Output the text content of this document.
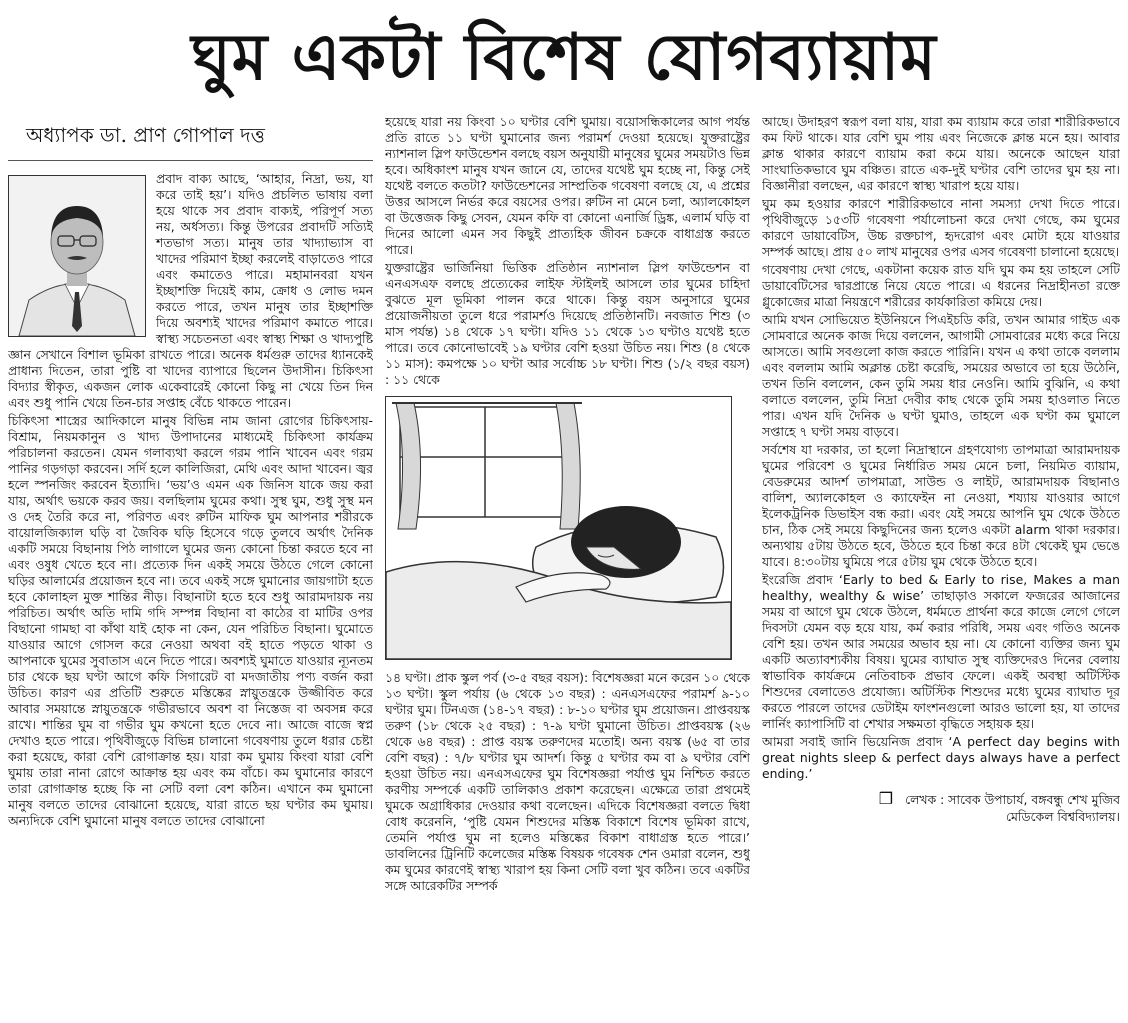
ঘুম একটা বিশেষ যোগব্যায়াম
অধ্যাপক ডা. প্রাণ গোপাল দত্ত

প্রবাদ বাক্য আছে, ‘আহার, নিদ্রা, ভয়, যা করে তাই হয়’। যদিও প্রচলিত ভাষায় বলা হয়ে থাকে সব প্রবাদ বাক্যই, পরিপূর্ণ সত্য নয়, অর্ধসত্য। কিন্তু উপরের প্রবাদটি সত্যিই শতভাগ সত্য। মানুষ তার খাদ্যাভ্যাস বা খাদের পরিমাণ ইচ্ছা করলেই বাড়াতেও পারে এবং কমাতেও পারে। মহামানবরা যখন ইচ্ছাশক্তি দিয়েই কাম, ক্রোধ ও লোভ দমন করতে পারে, তখন মানুষ তার ইচ্ছাশক্তি দিয়ে অবশ্যই খাদের পরিমাণ কমাতে পারে। স্বাস্থ্য সচেতনতা এবং স্বাস্থ্য শিক্ষা ও খাদ্যপুষ্টি জ্ঞান সেখানে বিশাল ভূমিকা রাখতে পারে। অনেক ধর্মগুরু তাদের ধ্যানকেই প্রাধান্য দিতেন, তারা পুষ্টি বা খাদের ব্যাপারে ছিলেন উদাসীন। চিকিৎসা বিদ্যার স্বীকৃত, একজন লোক একেবারেই কোনো কিছু না খেয়ে তিন দিন এবং শুধু পানি খেয়ে তিন-চার সপ্তাহ বেঁচে থাকতে পারেন।

চিকিৎসা শাস্ত্রের আদিকালে মানুষ বিভিন্ন নাম জানা রোগের চিকিৎসায়-বিশ্রাম, নিয়মকানুন ও খাদ্য উপাদানের মাধ্যমেই চিকিৎসা কার্যক্রম পরিচালনা করতেন। যেমন গলাব্যথা করলে গরম পানি খাবেন এবং গরম পানির গড়গড়া করবেন। সর্দি হলে কালিজিরা, মেথি এবং আদা খাবেন। জ্বর হলে স্পনজিং করবেন ইত্যাদি। ‘ভয়’ও এমন এক জিনিস যাকে জয় করা যায়, অর্থাৎ ভয়কে করব জয়। বলছিলাম ঘুমের কথা। সুস্থ ঘুম, শুধু সুস্থ মন ও দেহ তৈরি করে না, পরিণত এবং রুটিন মাফিক ঘুম আপনার শরীরকে বায়োলজিক্যাল ঘড়ি বা জৈবিক ঘড়ি হিসেবে গড়ে তুলবে অর্থাৎ দৈনিক একটি সময়ে বিছানায় পিঠ লাগালে ঘুমের জন্য কোনো চিন্তা করতে হবে না এবং ওষুধ খেতে হবে না। প্রত্যেক দিন একই সময়ে উঠতে গেলে কোনো ঘড়ির আলার্মের প্রয়োজন হবে না। তবে একই সঙ্গে ঘুমানোর জায়গাটা হতে হবে কোলাহল মুক্ত শান্তির নীড়। বিছানাটা হতে হবে শুধু আরামদায়ক নয় পরিচিত। অর্থাৎ অতি দামি গদি সম্পন্ন বিছানা বা কাঠের বা মাটির ওপর বিছানো গামছা বা কাঁথা যাই হোক না কেন, যেন পরিচিত বিছানা। ঘুমোতে যাওয়ার আগে গোসল করে নেওয়া অথবা বই হাতে পড়তে থাকা ও আপনাকে ঘুমের সুবাতাস এনে দিতে পারে। অবশ্যই ঘুমাতে যাওয়ার ন্যূনতম চার থেকে ছয় ঘণ্টা আগে কফি সিগারেট বা মদজাতীয় পণ্য বর্জন করা উচিত। কারণ এর প্রতিটি শুরুতে মস্তিষ্কের স্নায়ুতন্ত্রকে উজ্জীবিত করে আবার সময়ান্তে স্নায়ুতন্ত্রকে গভীরভাবে অবশ বা নিস্তেজ বা অবসন্ন করে রাখে। শান্তির ঘুম বা গভীর ঘুম কখনো হতে দেবে না। আজে বাজে স্বপ্ন দেখাও হতে পারে। পৃথিবীজুড়ে বিভিন্ন চালানো গবেষণায় তুলে ধরার চেষ্টা করা হয়েছে, কারা বেশি রোগাক্রান্ত হয়। যারা কম ঘুমায় কিংবা যারা বেশি ঘুমায় তারা নানা রোগে আক্রান্ত হয় এবং কম বাঁচে। কম ঘুমানোর কারণে তারা রোগাক্রান্ত হচ্ছে কি না সেটি বলা বেশ কঠিন। এখানে কম ঘুমানো মানুষ বলতে তাদের বোঝানো হয়েছে, যারা রাতে ছয় ঘণ্টার কম ঘুমায়। অন্যদিকে বেশি ঘুমানো মানুষ বলতে তাদের বোঝানো

হয়েছে যারা নয় কিংবা ১০ ঘণ্টার বেশি ঘুমায়। বয়োসন্ধিকালের আগ পর্যন্ত প্রতি রাতে ১১ ঘণ্টা ঘুমানোর জন্য পরামর্শ দেওয়া হয়েছে। যুক্তরাষ্ট্রের ন্যাশনাল স্লিপ ফাউন্ডেশন বলছে বয়স অনুযায়ী মানুষের ঘুমের সময়টাও ভিন্ন হবে। অধিকাংশ মানুষ যখন জানে যে, তাদের যথেষ্ট ঘুম হচ্ছে না, কিন্তু সেই যথেষ্ট বলতে কতটা? ফাউন্ডেশনের সাম্প্রতিক গবেষণা বলছে যে, এ প্রশ্নের উত্তর আসলে নির্ভর করে বয়সের ওপর। রুটিন না মেনে চলা, অ্যালকোহল বা উত্তেজক কিছু সেবন, যেমন কফি বা কোনো এনার্জি ড্রিঙ্ক, এলার্ম ঘড়ি বা দিনের আলো এমন সব কিছুই প্রাত্যহিক জীবন চক্রকে বাধাগ্রস্ত করতে পারে।

যুক্তরাষ্ট্রের ভার্জিনিয়া ভিত্তিক প্রতিষ্ঠান ন্যাশনাল স্লিপ ফাউন্ডেশন বা এনএসএফ বলছে প্রত্যেকের লাইফ স্টাইলই আসলে তার ঘুমের চাহিদা বুঝতে মূল ভূমিকা পালন করে থাকে। কিন্তু বয়স অনুসারে ঘুমের প্রয়োজনীয়তা তুলে ধরে পরামর্শও দিয়েছে প্রতিষ্ঠানটি। নবজাত শিশু (৩ মাস পর্যন্ত) ১৪ থেকে ১৭ ঘণ্টা। যদিও ১১ থেকে ১৩ ঘণ্টাও যথেষ্ট হতে পারে। তবে কোনোভাবেই ১৯ ঘণ্টার বেশি হওয়া উচিত নয়। শিশু (৪ থেকে ১১ মাস): কমপক্ষে ১০ ঘণ্টা আর সর্বোচ্চ ১৮ ঘণ্টা। শিশু (১/২ বছর বয়স) : ১১ থেকে

১৪ ঘণ্টা। প্রাক স্কুল পর্ব (৩-৫ বছর বয়স): বিশেষজ্ঞরা মনে করেন ১০ থেকে ১৩ ঘণ্টা। স্কুল পর্যায় (৬ থেকে ১৩ বছর) : এনএসএফের পরামর্শ ৯-১০ ঘণ্টার ঘুম। টিনএজ (১৪-১৭ বছর) : ৮-১০ ঘণ্টার ঘুম প্রয়োজন। প্রাপ্তবয়স্ক তরুণ (১৮ থেকে ২৫ বছর) : ৭-৯ ঘণ্টা ঘুমানো উচিত। প্রাপ্তবয়স্ক (২৬ থেকে ৬৪ বছর) : প্রাপ্ত বয়স্ক তরুণদের মতোই। অন্য বয়স্ক (৬৫ বা তার বেশি বছর) : ৭/৮ ঘণ্টার ঘুম আদর্শ। কিন্তু ৫ ঘণ্টার কম বা ৯ ঘণ্টার বেশি হওয়া উচিত নয়। এনএসএফের ঘুম বিশেষজ্ঞরা পর্যাপ্ত ঘুম নিশ্চিত করতে করণীয় সম্পর্কে একটি তালিকাও প্রকাশ করেছেন। এক্ষেত্রে তারা প্রথমেই ঘুমকে অগ্রাধিকার দেওয়ার কথা বলেছেন। এদিকে বিশেষজ্ঞরা বলতে দ্বিধা বোধ করেননি, ‘পুষ্টি যেমন শিশুদের মস্তিষ্ক বিকাশে বিশেষ ভূমিকা রাখে, তেমনি পর্যাপ্ত ঘুম না হলেও মস্তিষ্কের বিকাশ বাধাগ্রস্ত হতে পারে।’ ডাবলিনের ট্রিনিটি কলেজের মস্তিষ্ক বিষয়ক গবেষক শেন ওমারা বলেন, শুধু কম ঘুমের কারণেই স্বাস্থ্য খারাপ হয় কিনা সেটি বলা খুব কঠিন। তবে একটির সঙ্গে আরেকটির সম্পর্ক

আছে। উদাহরণ স্বরূপ বলা যায়, যারা কম ব্যায়াম করে তারা শারীরিকভাবে কম ফিট থাকে। যার বেশি ঘুম পায় এবং নিজেকে ক্লান্ত মনে হয়। আবার ক্লান্ত থাকার কারণে ব্যায়াম করা কমে যায়। অনেকে আছেন যারা সাংঘাতিকভাবে ঘুম বঞ্চিত। রাতে এক-দুই ঘণ্টার বেশি তাদের ঘুম হয় না। বিজ্ঞানীরা বলছেন, এর কারণে স্বাস্থ্য খারাপ হয়ে যায়।

ঘুম কম হওয়ার কারণে শারীরিকভাবে নানা সমস্যা দেখা দিতে পারে। পৃথিবীজুড়ে ১৫৩টি গবেষণা পর্যালোচনা করে দেখা গেছে, কম ঘুমের কারণে ডায়াবেটিস, উচ্চ রক্তচাপ, হৃদরোগ এবং মোটা হয়ে যাওয়ার সম্পর্ক আছে। প্রায় ৫০ লাখ মানুষের ওপর এসব গবেষণা চালানো হয়েছে।

গবেষণায় দেখা গেছে, একটানা কয়েক রাত যদি ঘুম কম হয় তাহলে সেটি ডায়াবেটিসের দ্বারপ্রান্তে নিয়ে যেতে পারে। এ ধরনের নিদ্রাহীনতা রক্তে গ্লুকোজের মাত্রা নিয়ন্ত্রণে শরীরের কার্যকারিতা কমিয়ে দেয়।

আমি যখন সোভিয়েত ইউনিয়নে পিএইচডি করি, তখন আমার গাইড এক সোমবারে অনেক কাজ দিয়ে বললেন, আগামী সোমবারের মধ্যে করে নিয়ে আসতে। আমি সবগুলো কাজ করতে পারিনি। যখন এ কথা তাকে বললাম এবং বললাম আমি অক্লান্ত চেষ্টা করেছি, সময়ের অভাবে তা হয়ে উঠেনি, তখন তিনি বললেন, কেন তুমি সময় ধার নেওনি। আমি বুঝিনি, এ কথা বলাতে বললেন, তুমি নিদ্রা দেবীর কাছ থেকে তুমি সময় হাওলাত নিতে পার। এখন যদি দৈনিক ৬ ঘণ্টা ঘুমাও, তাহলে এক ঘণ্টা কম ঘুমালে সপ্তাহে ৭ ঘণ্টা সময় বাড়বে।

সর্বশেষ যা দরকার, তা হলো নিদ্রাস্থানে গ্রহণযোগ্য তাপমাত্রা আরামদায়ক ঘুমের পরিবেশ ও ঘুমের নির্ধারিত সময় মেনে চলা, নিয়মিত ব্যায়াম, বেডরুমের আদর্শ তাপমাত্রা, সাউন্ড ও লাইট, আরামদায়ক বিছানাও বালিশ, অ্যালকোহল ও ক্যাফেইন না নেওয়া, শয্যায় যাওয়ার আগে ইলেকট্রনিক ডিভাইস বন্ধ করা। এবং যেই সময়ে আপনি ঘুম থেকে উঠতে চান, ঠিক সেই সময়ে কিছুদিনের জন্য হলেও একটা alarm থাকা দরকার। অন্যথায় ৫টায় উঠতে হবে, উঠতে হবে চিন্তা করে ৪টা থেকেই ঘুম ভেঙে যাবে। ৪:৩০টায় ঘুমিয়ে পরে ৫টায় ঘুম থেকে উঠতে হবে।

ইংরেজি প্রবাদ ‘Early to bed & Early to rise, Makes a man healthy, wealthy & wise’ তাছাড়াও সকালে ফজরের আজানের সময় বা আগে ঘুম থেকে উঠলে, ধর্মমতে প্রার্থনা করে কাজে লেগে গেলে দিবসটা যেমন বড় হয়ে যায়, কর্ম করার পরিধি, সময় এবং গতিও অনেক বেশি হয়। তখন আর সময়ের অভাব হয় না। যে কোনো ব্যক্তির জন্য ঘুম একটি অত্যাবশ্যকীয় বিষয়। ঘুমের ব্যাঘাত সুস্থ ব্যক্তিদেরও দিনের বেলায় স্বাভাবিক কার্যক্রমে নেতিবাচক প্রভাব ফেলে। একই অবস্থা অটিস্টিক শিশুদের বেলাতেও প্রযোজ্য। অটিস্টিক শিশুদের মধ্যে ঘুমের ব্যাঘাত দূর করতে পারলে তাদের ডেটাইম ফাংশনগুলো আরও ভালো হয়, যা তাদের লার্নিং ক্যাপাসিটি বা শেখার সক্ষমতা বৃদ্ধিতে সহায়ক হয়।

আমরা সবাই জানি ভিয়েনিজ প্রবাদ ‘A perfect day begins with great nights sleep & perfect days always have a perfect ending.’

❒ লেখক : সাবেক উপাচার্য, বঙ্গবন্ধু শেখ মুজিব
মেডিকেল বিশ্ববিদ্যালয়।
